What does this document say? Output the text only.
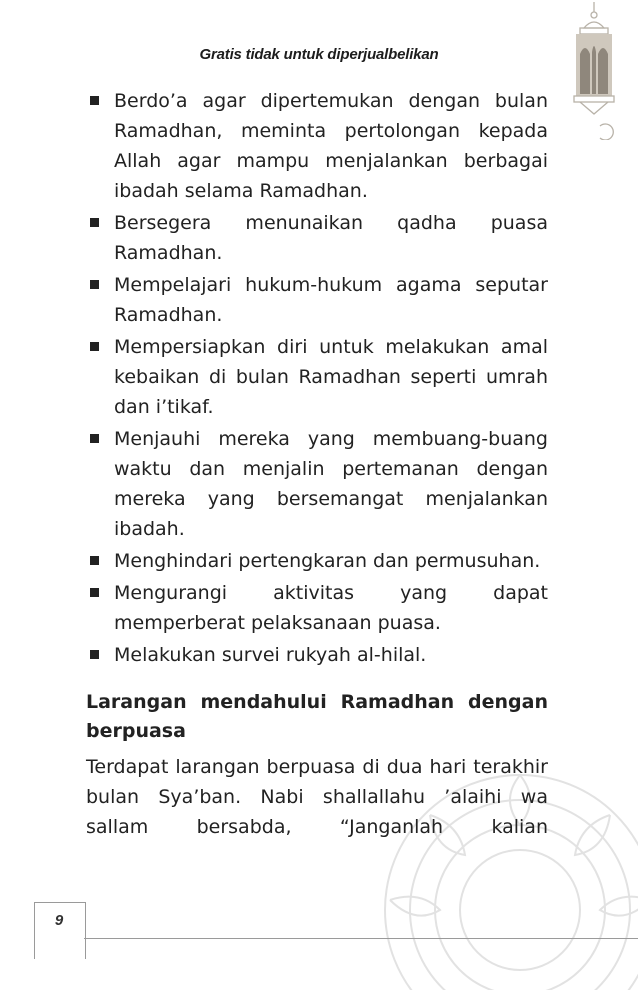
Gratis tidak untuk diperjualbelikan
Berdo’a agar dipertemukan dengan bulan Ramadhan, meminta pertolongan kepada Allah agar mampu menjalankan berbagai ibadah selama Ramadhan.
Bersegera menunaikan qadha puasa Ramadhan.
Mempelajari hukum-hukum agama seputar Ramadhan.
Mempersiapkan diri untuk melakukan amal kebaikan di bulan Ramadhan seperti umrah dan i’tikaf.
Menjauhi mereka yang membuang-buang waktu dan menjalin pertemanan dengan mereka yang bersemangat menjalankan ibadah.
Menghindari pertengkaran dan permusuhan.
Mengurangi aktivitas yang dapat memperberat pelaksanaan puasa.
Melakukan survei rukyah al-hilal.
Larangan mendahului Ramadhan dengan
berpuasa

Terdapat larangan berpuasa di dua hari terakhir bulan Sya’ban. Nabi shallallahu ’alaihi wa sallam bersabda, “Janganlah kalian

9
